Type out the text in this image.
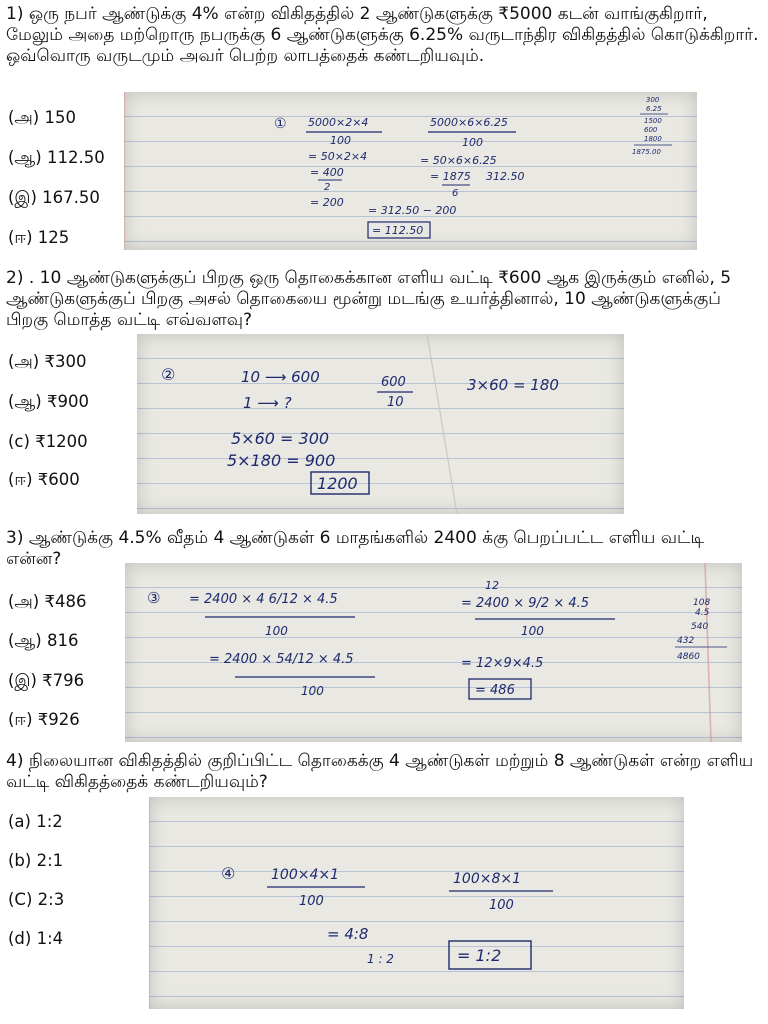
1) ஒரு நபர் ஆண்டுக்கு 4% என்ற விகிதத்தில் 2 ஆண்டுகளுக்கு ₹5000 கடன் வாங்குகிறார், மேலும் அதை மற்றொரு நபருக்கு 6 ஆண்டுகளுக்கு 6.25% வருடாந்திர விகிதத்தில் கொடுக்கிறார். ஒவ்வொரு வருடமும் அவர் பெற்ற லாபத்தைக் கண்டறியவும்.

(அ) 150
(ஆ) 112.50
(இ) 167.50
(ஈ) 125
① 5000×2×4
100
= 50×2×4
= 400
2
= 200
5000×6×6.25
100
= 50×6×6.25
= 1875
6
312.50
= 312.50 − 200
= 112.50
300
6.25
1500
600
1800
1875.00

2) . 10 ஆண்டுகளுக்குப் பிறகு ஒரு தொகைக்கான எளிய வட்டி ₹600 ஆக இருக்கும் எனில், 5 ஆண்டுகளுக்குப் பிறகு அசல் தொகையை மூன்று மடங்கு உயர்த்தினால், 10 ஆண்டுகளுக்குப் பிறகு மொத்த வட்டி எவ்வளவு?

(அ) ₹300
(ஆ) ₹900
(c) ₹1200
(ஈ) ₹600
②	10 ⟶ 600
1 ⟶ ?
600
10
3×60 = 180
5×60 = 300
5×180 = 900
1200

3) ஆண்டுக்கு 4.5% வீதம் 4 ஆண்டுகள் 6 மாதங்களில் 2400 க்கு பெறப்பட்ட எளிய வட்டி என்ன?

(அ) ₹486
(ஆ) 816
(இ) ₹796
(ஈ) ₹926
③ = 2400 × 4 6/12 × 4.5
100
= 2400 × 54/12 × 4.5
100
12
= 2400 × 9/2 × 4.5
100
= 12×9×4.5
= 486
108
4.5
540
432
4860

4) நிலையான விகிதத்தில் குறிப்பிட்ட தொகைக்கு 4 ஆண்டுகள் மற்றும் 8 ஆண்டுகள் என்ற எளிய வட்டி விகிதத்தைக் கண்டறியவும்?

(a) 1:2
(b) 2:1
(C) 2:3
(d) 1:4
④	100×4×1
100
100×8×1
100
= 4:8
1 : 2	= 1:2
